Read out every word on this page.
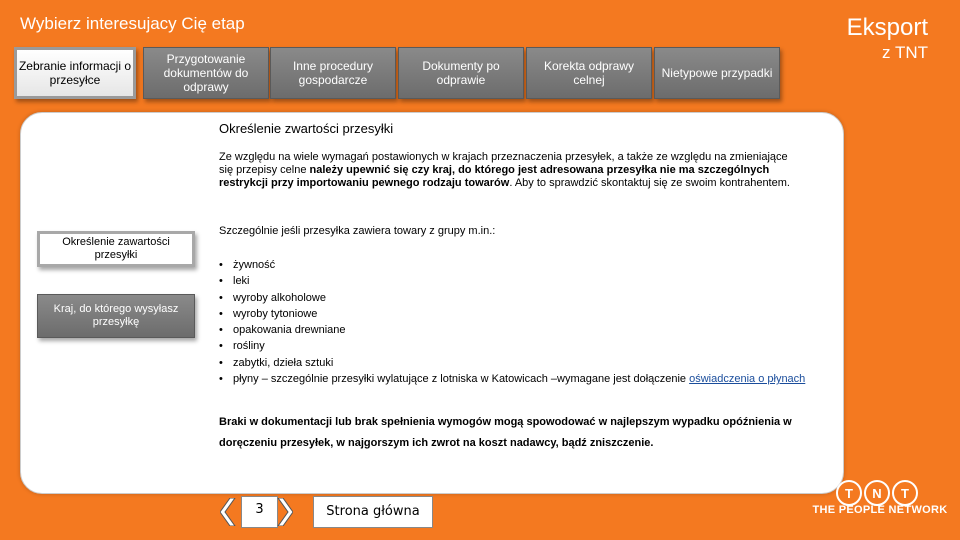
Wybierz interesujacy Cię etap	Eksport
z TNT
Zebranie informacji o przesyłce
Przygotowanie dokumentów do odprawy
Inne procedury gospodarcze
Dokumenty po odprawie
Korekta odprawy celnej	Nietypowe przypadki
Określenie zwartości przesyłki
Ze względu na wiele wymagań postawionych w krajach przeznaczenia przesyłek, a także ze względu na zmieniające się przepisy celne należy upewnić się czy kraj, do którego jest adresowana przesyłka nie ma szczególnych restrykcji przy importowaniu pewnego rodzaju towarów. Aby to sprawdzić skontaktuj się ze swoim kontrahentem.
Szczególnie jeśli przesyłka zawiera towary z grupy m.in.:
• żywność
• leki
• wyroby alkoholowe
• wyroby tytoniowe
• opakowania drewniane
• rośliny
• zabytki, dzieła sztuki
• płyny – szczególnie przesyłki wylatujące z lotniska w Katowicach –wymagane jest dołączenie oświadczenia o płynach
Braki w dokumentacji lub brak spełnienia wymogów mogą spowodować w najlepszym wypadku opóźnienia w doręczeniu przesyłek, w najgorszym ich zwrot na koszt nadawcy, bądź zniszczenie.
Określenie zawartości przesyłki
Kraj, do którego wysyłasz przesyłkę
3	Strona główna
T	N	T
THE PEOPLE NETWORK
